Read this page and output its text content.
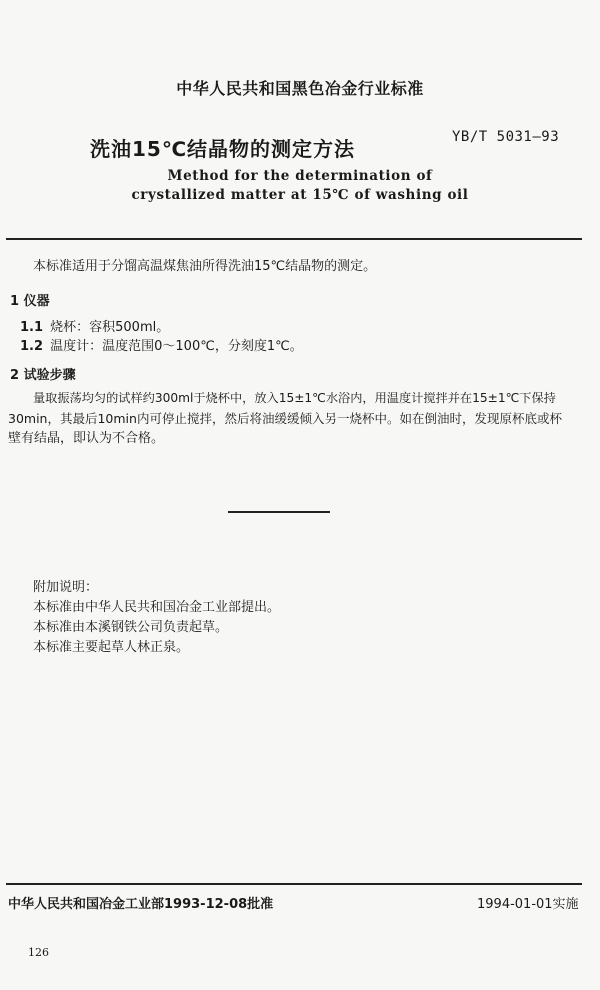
中华人民共和国黑色冶金行业标准
洗油15℃结晶物的测定方法	YB/T 5031—93
Method for the determination of
crystallized matter at 15℃ of washing oil
本标准适用于分馏高温煤焦油所得洗油15℃结晶物的测定。
1 仪器
1.1 烧杯：容积500ml。
1.2 温度计：温度范围0～100℃，分刻度1℃。
2 试验步骤
量取振荡均匀的试样约300ml于烧杯中，放入15±1℃水浴内，用温度计搅拌并在15±1℃下保持
30min，其最后10min内可停止搅拌，然后将油缓缓倾入另一烧杯中。如在倒油时，发现原杯底或杯
壁有结晶，即认为不合格。
附加说明：
本标准由中华人民共和国冶金工业部提出。
本标准由本溪钢铁公司负责起草。
本标准主要起草人林正泉。
中华人民共和国冶金工业部1993-12-08批准	1994-01-01实施
126
